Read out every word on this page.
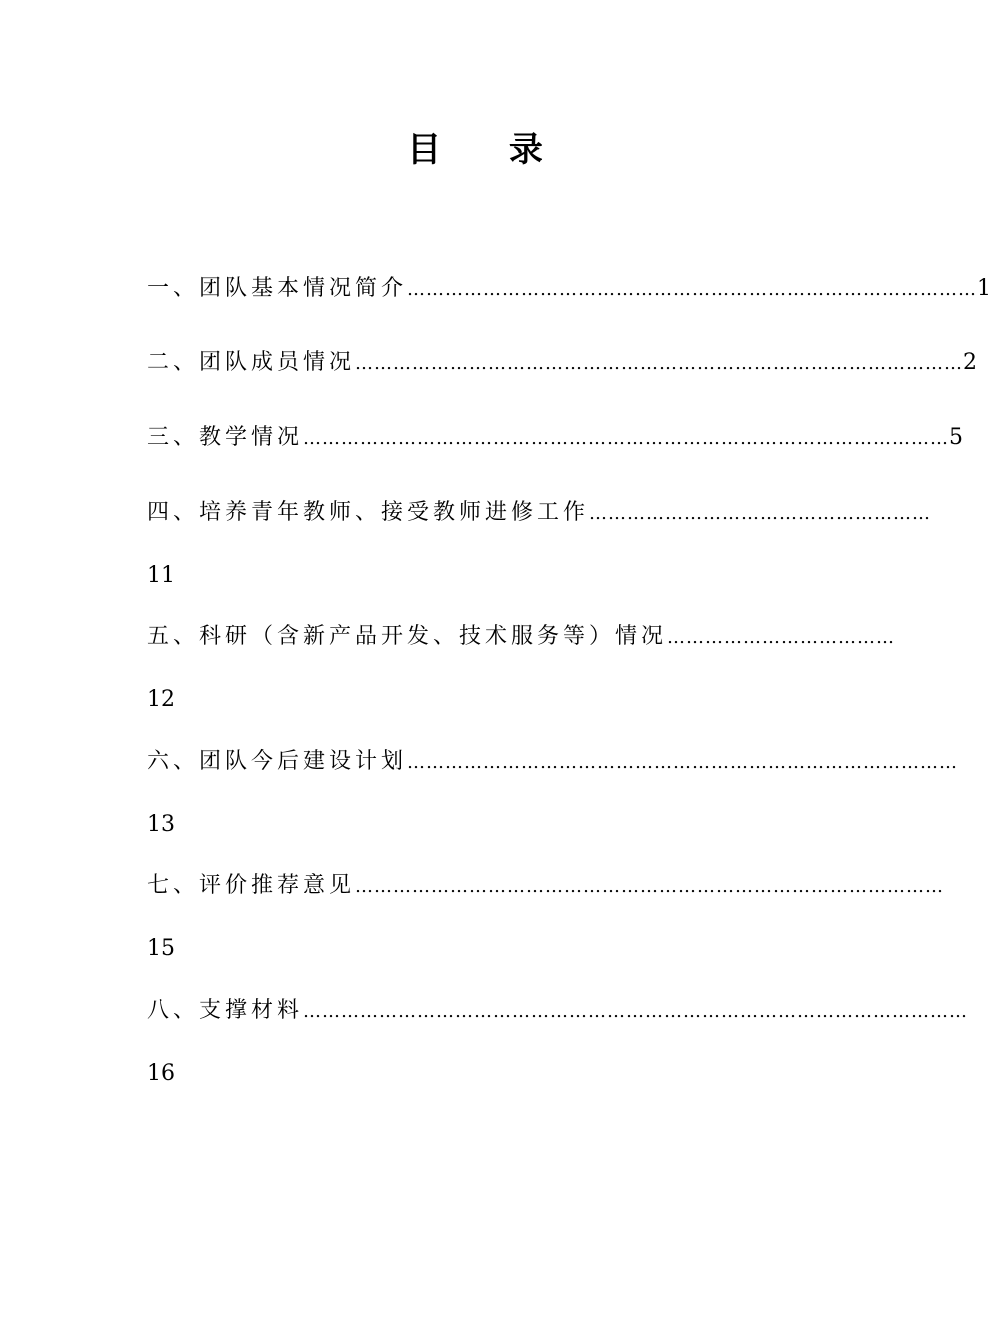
目 录
一、团队基本情况简介 ……………………………………………………………………………… 1
二、团队成员情况 …………………………………………………………………………………… 2
三、教学情况 ………………………………………………………………………………………… 5
四、培养青年教师、接受教师进修工作 ………………………………………………
11
五、科研（含新产品开发、技术服务等）情况 ………………………………
12
六、团队今后建设计划 ……………………………………………………………………………
13
七、评价推荐意见 …………………………………………………………………………………
15
八、支撑材料 ……………………………………………………………………………………………
16
